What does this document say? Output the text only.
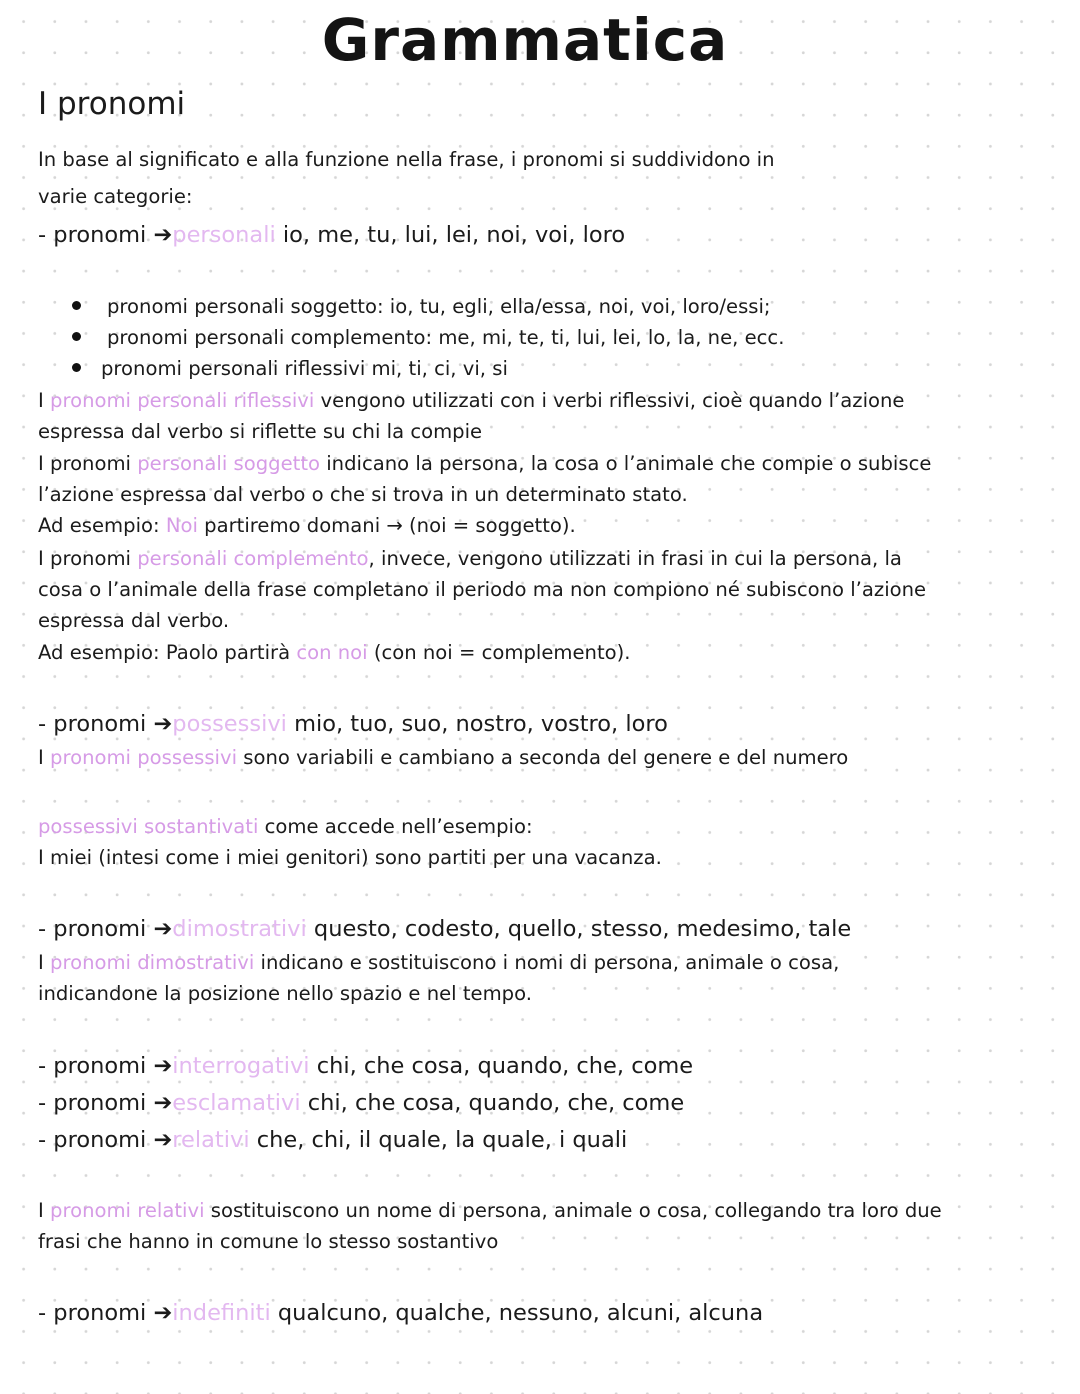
Grammatica
I pronomi
In base al significato e alla funzione nella frase, i pronomi si suddividono in
varie categorie:
- pronomi ➔personali io, me, tu, lui, lei, noi, voi, loro
pronomi personali soggetto: io, tu, egli, ella/essa, noi, voi, loro/essi;
pronomi personali complemento: me, mi, te, ti, lui, lei, lo, la, ne, ecc.
pronomi personali riflessivi mi, ti, ci, vi, si
I pronomi personali riflessivi vengono utilizzati con i verbi riflessivi, cioè quando l’azione
espressa dal verbo si riflette su chi la compie
I pronomi personali soggetto indicano la persona, la cosa o l’animale che compie o subisce
l’azione espressa dal verbo o che si trova in un determinato stato.
Ad esempio: Noi partiremo domani → (noi = soggetto).
I pronomi personali complemento, invece, vengono utilizzati in frasi in cui la persona, la
cosa o l’animale della frase completano il periodo ma non compiono né subiscono l’azione
espressa dal verbo.
Ad esempio: Paolo partirà con noi (con noi = complemento).
- pronomi ➔possessivi mio, tuo, suo, nostro, vostro, loro
I pronomi possessivi sono variabili e cambiano a seconda del genere e del numero
possessivi sostantivati come accede nell’esempio:
I miei (intesi come i miei genitori) sono partiti per una vacanza.
- pronomi ➔dimostrativi questo, codesto, quello, stesso, medesimo, tale
I pronomi dimostrativi indicano e sostituiscono i nomi di persona, animale o cosa,
indicandone la posizione nello spazio e nel tempo.
- pronomi ➔interrogativi chi, che cosa, quando, che, come
- pronomi ➔esclamativi chi, che cosa, quando, che, come
- pronomi ➔relativi che, chi, il quale, la quale, i quali
I pronomi relativi sostituiscono un nome di persona, animale o cosa, collegando tra loro due
frasi che hanno in comune lo stesso sostantivo
- pronomi ➔indefiniti qualcuno, qualche, nessuno, alcuni, alcuna
